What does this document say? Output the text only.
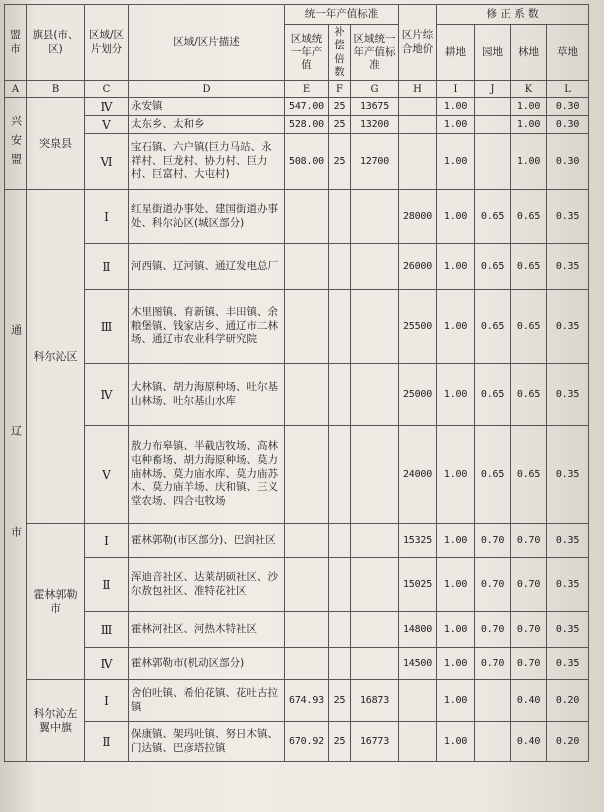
盟市	旗县(市、区)	区域/区片划分	区域/区片描述	统一年产值标准			区片综合地价	修 正 系 数			
				区域统一年产值	补偿倍数	区域统一年产值标准		耕地	园地	林地	草地
A	B	C	D	E	F	G	H	I	J	K	L

兴安盟	突泉县	Ⅳ	永安镇	547.00	25	13675		1.00		1.00	0.30
		Ⅴ	太东乡、太和乡	528.00	25	13200		1.00		1.00	0.30
		Ⅵ	宝石镇、六户镇(巨力马站、永祥村、巨龙村、协力村、巨力村、巨富村、大屯村)	508.00	25	12700		1.00		1.00	0.30

通辽市	科尔沁区	Ⅰ	红星街道办事处、建国街道办事处、科尔沁区(城区部分)				28000	1.00	0.65	0.65	0.35
		Ⅱ	河西镇、辽河镇、通辽发电总厂				26000	1.00	0.65	0.65	0.35
		Ⅲ	木里图镇、育新镇、丰田镇、余粮堡镇、钱家店乡、通辽市二林场、通辽市农业科学研究院				25500	1.00	0.65	0.65	0.35
		Ⅳ	大林镇、胡力海原种场、吐尔基山林场、吐尔基山水库				25000	1.00	0.65	0.65	0.35
		Ⅴ	敖力布皋镇、半截店牧场、高林屯种畜场、胡力海原种场、莫力庙林场、莫力庙水库、莫力庙苏木、莫力庙羊场、庆和镇、三义堂农场、四合屯牧场				24000	1.00	0.65	0.65	0.35
	霍林郭勒市	Ⅰ	霍林郭勒(市区部分)、巴润社区				15325	1.00	0.70	0.70	0.35
		Ⅱ	浑迪音社区、达莱胡硕社区、沙尔敖包社区、准特花社区				15025	1.00	0.70	0.70	0.35
		Ⅲ	霍林河社区、河热木特社区				14800	1.00	0.70	0.70	0.35
		Ⅳ	霍林郭勒市(机动区部分)				14500	1.00	0.70	0.70	0.35
	科尔沁左翼中旗	Ⅰ	舍伯吐镇、希伯花镇、花吐古拉镇	674.93	25	16873		1.00		0.40	0.20
		Ⅱ	保康镇、架玛吐镇、努日木镇、门达镇、巴彦塔拉镇	670.92	25	16773		1.00		0.40	0.20
